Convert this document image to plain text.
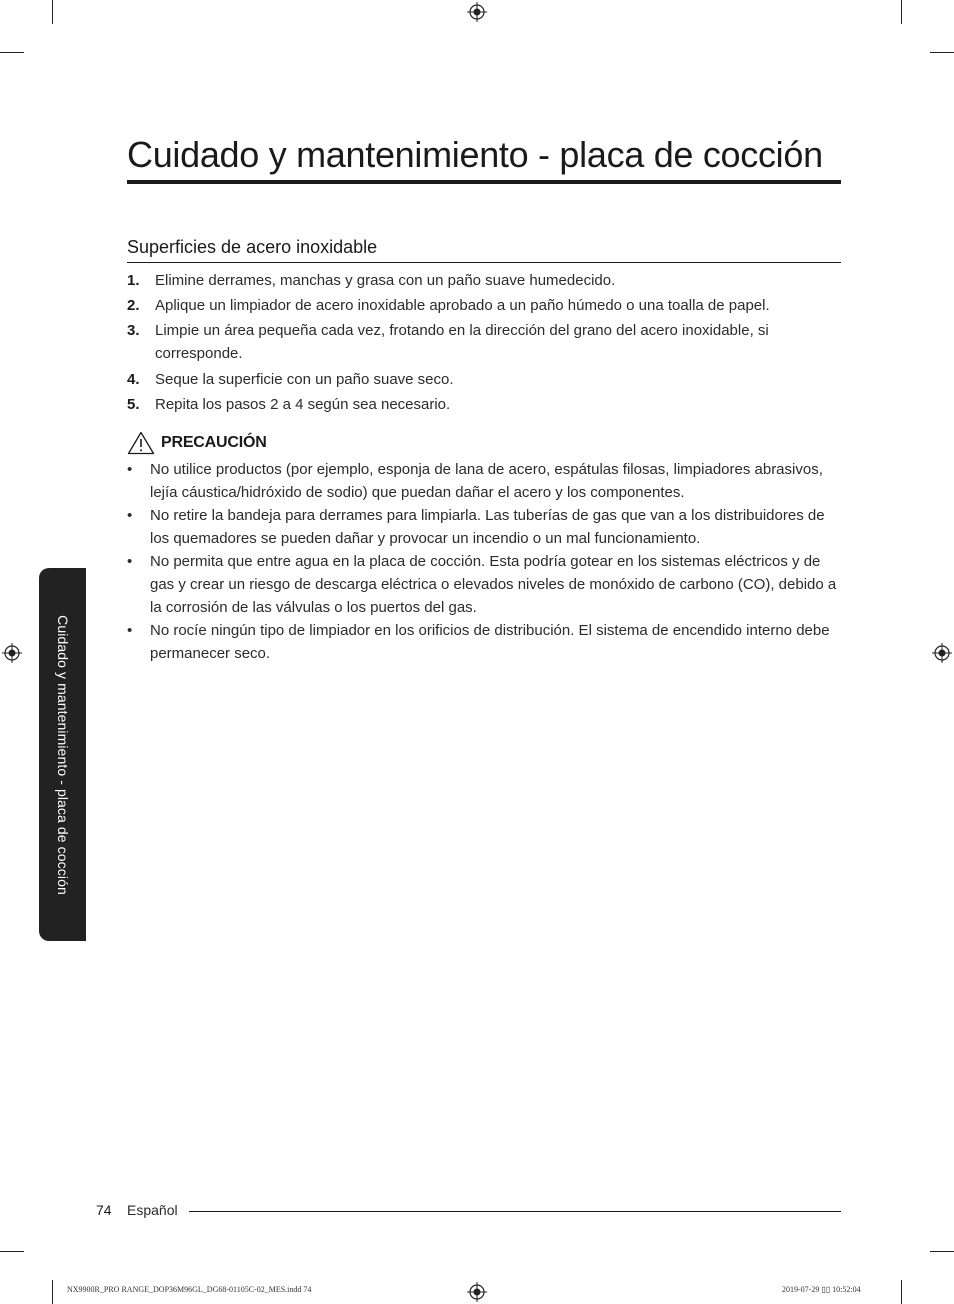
Cuidado y mantenimiento - placa de cocción
Superficies de acero inoxidable
1. Elimine derrames, manchas y grasa con un paño suave humedecido.
2. Aplique un limpiador de acero inoxidable aprobado a un paño húmedo o una toalla de papel.
3. Limpie un área pequeña cada vez, frotando en la dirección del grano del acero inoxidable, si corresponde.
4. Seque la superficie con un paño suave seco.
5. Repita los pasos 2 a 4 según sea necesario.
PRECAUCIÓN
• No utilice productos (por ejemplo, esponja de lana de acero, espátulas filosas, limpiadores abrasivos, lejía cáustica/hidróxido de sodio) que puedan dañar el acero y los componentes.
• No retire la bandeja para derrames para limpiarla. Las tuberías de gas que van a los distribuidores de los quemadores se pueden dañar y provocar un incendio o un mal funcionamiento.
• No permita que entre agua en la placa de cocción. Esta podría gotear en los sistemas eléctricos y de gas y crear un riesgo de descarga eléctrica o elevados niveles de monóxido de carbono (CO), debido a la corrosión de las válvulas o los puertos del gas.
• No rocíe ningún tipo de limpiador en los orificios de distribución. El sistema de encendido interno debe permanecer seco.
Cuidado y mantenimiento - placa de cocción
74 Español
NX9900R_PRO RANGE_DOP36M96GL_DG68-01105C-02_MES.indd 74	2019-07-29 ▯▯ 10:52:04
